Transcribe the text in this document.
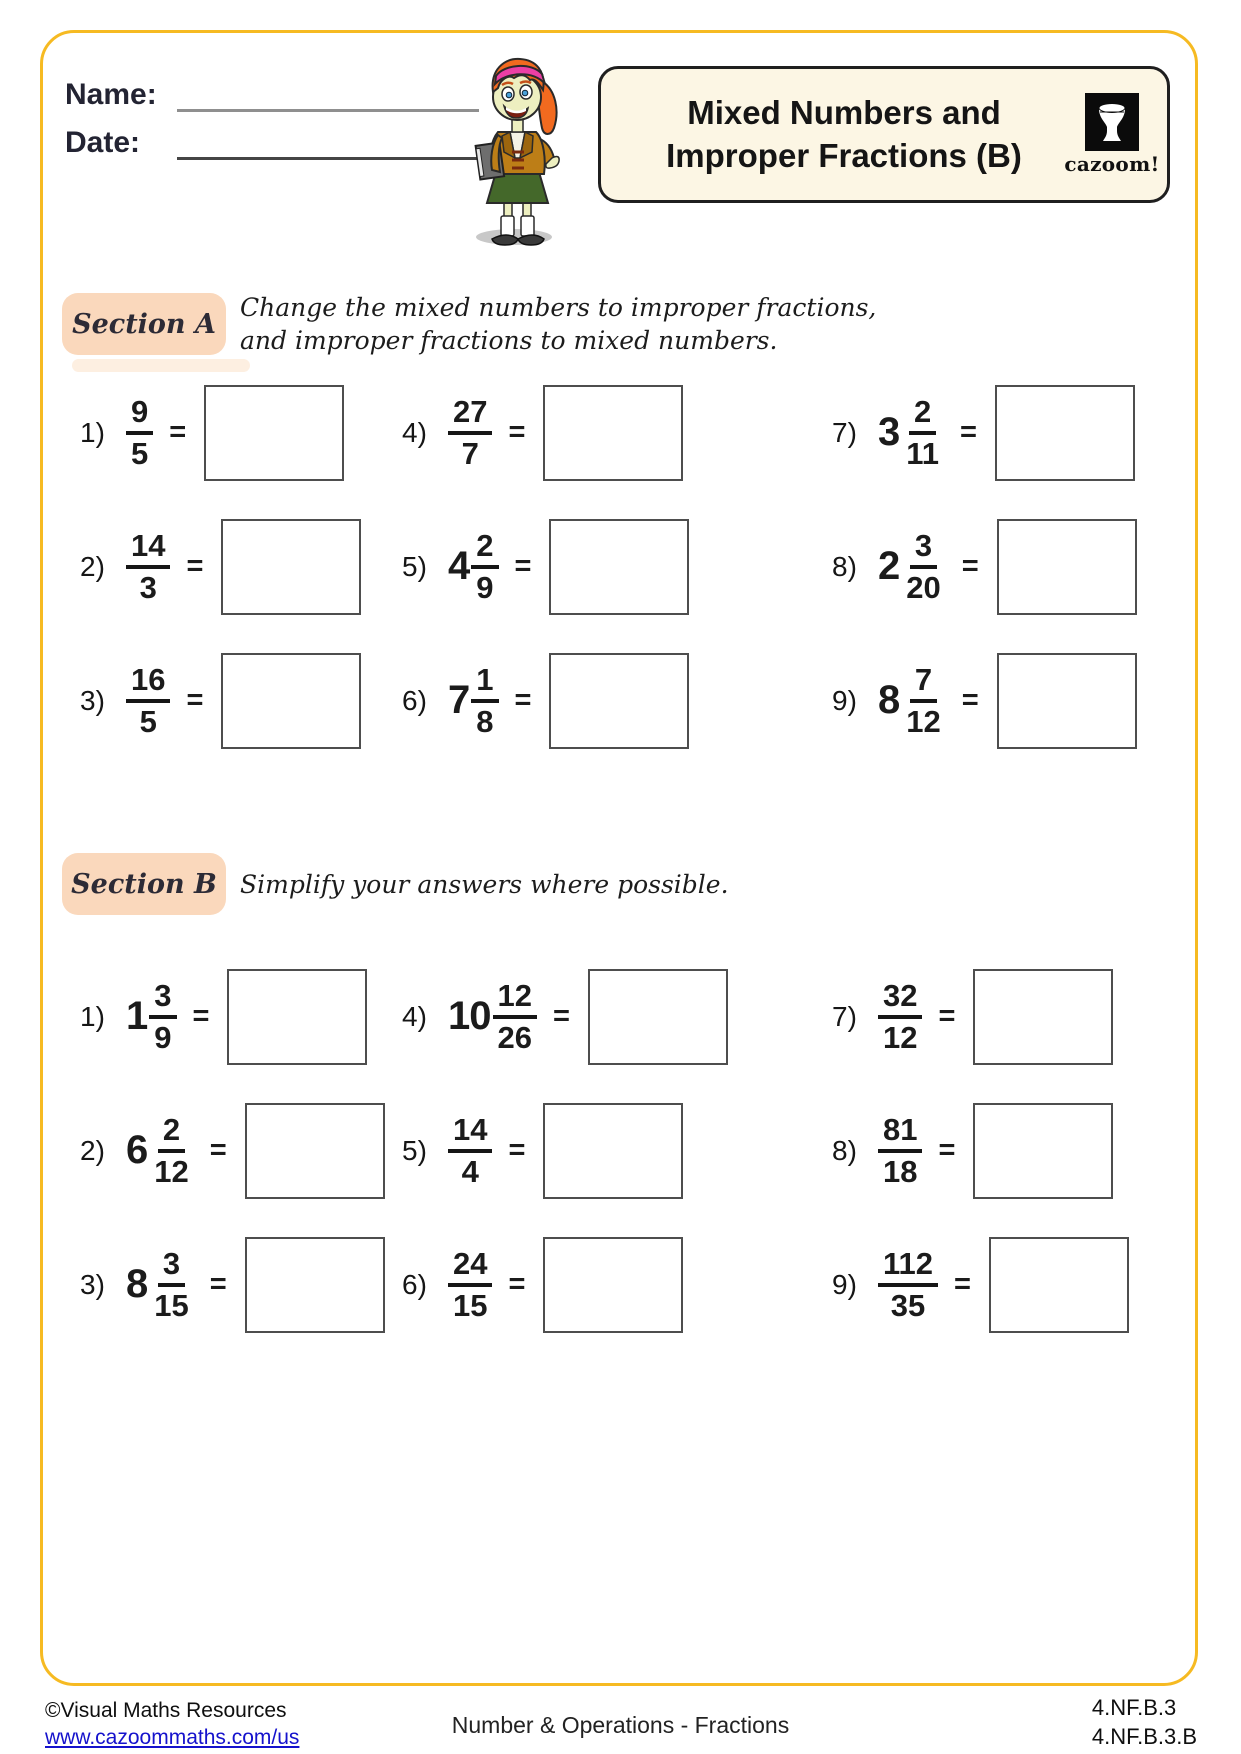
Name:
Date:
Mixed Numbers and Improper Fractions (B)	cazoom!
Section A
Change the mixed numbers to improper fractions, and improper fractions to mixed numbers.
$1) \frac{9}{5}$ =	$4) \frac{27}{7}$ =	7) $3 \frac{2}{11}$ =
$2) \frac{14}{3}$ =	5) $4 \frac{2}{9}$ =	8) $2 \frac{3}{20}$ =
$3) \frac{16}{5}$ =	6) $7 \frac{1}{8}$ =	9) $8 \frac{7}{12}$ =
Section B Simplify your answers where possible.
1) $1 \frac{3}{9}$ =	4) $10 \frac{12}{26}$ =	$7) \frac{32}{12}$ =
2) $6 \frac{2}{12}$ =	$5) \frac{14}{4}$ =	$8) \frac{81}{18}$ =
3) $8 \frac{3}{15}$ =	$6) \frac{24}{15}$ =	$9) \frac{112}{35}$ =
©Visual Maths Resources
www.cazoommaths.com/us	Number & Operations - Fractions
4.NF.B.3
4.NF.B.3.B
